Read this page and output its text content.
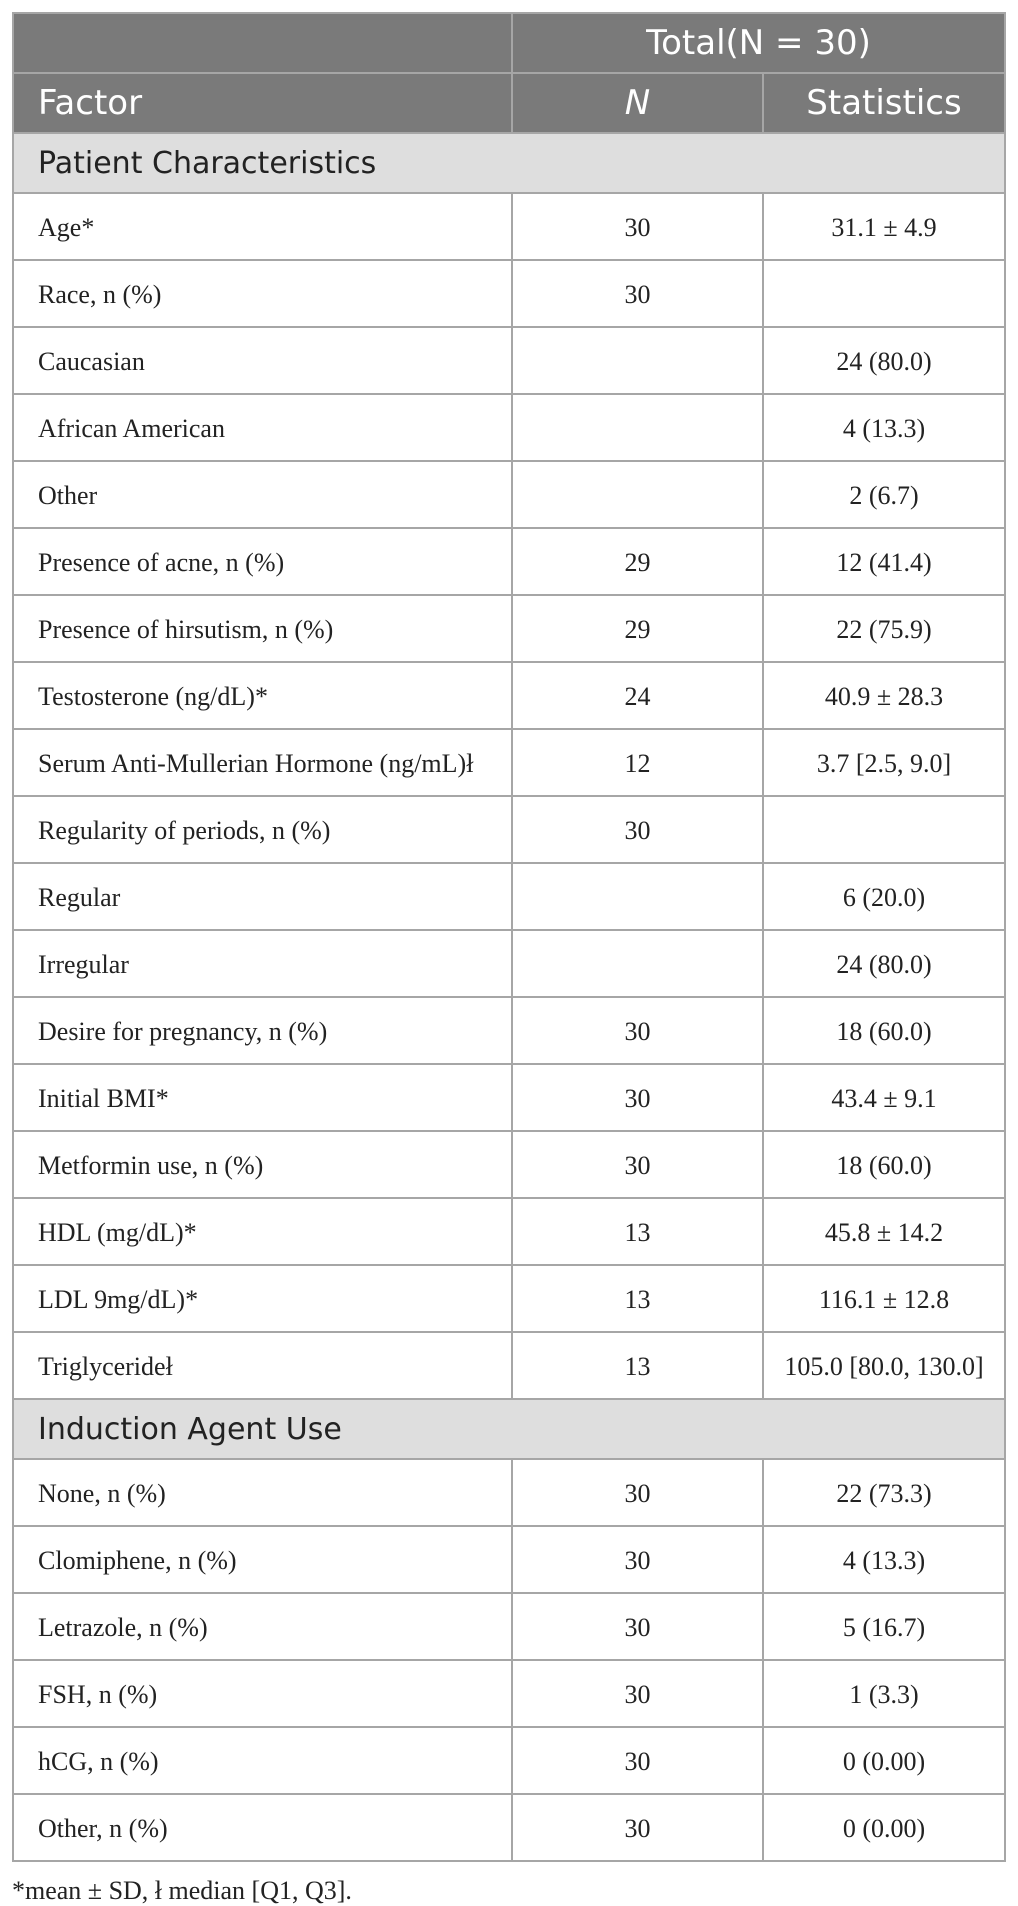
	Total(N = 30)	
Factor	N	Statistics
Patient Characteristics		
Age*	30	31.1 ± 4.9
Race, n (%)	30	
Caucasian		24 (80.0)
African American		4 (13.3)
Other		2 (6.7)
Presence of acne, n (%)	29	12 (41.4)
Presence of hirsutism, n (%)	29	22 (75.9)
Testosterone (ng/dL)*	24	40.9 ± 28.3
Serum Anti-Mullerian Hormone (ng/mL)ł	12	3.7 [2.5, 9.0]
Regularity of periods, n (%)	30	
Regular		6 (20.0)
Irregular		24 (80.0)
Desire for pregnancy, n (%)	30	18 (60.0)
Initial BMI*	30	43.4 ± 9.1
Metformin use, n (%)	30	18 (60.0)
HDL (mg/dL)*	13	45.8 ± 14.2
LDL 9mg/dL)*	13	116.1 ± 12.8
Triglycerideł	13	105.0 [80.0, 130.0]
Induction Agent Use		
None, n (%)	30	22 (73.3)
Clomiphene, n (%)	30	4 (13.3)
Letrazole, n (%)	30	5 (16.7)
FSH, n (%)	30	1 (3.3)
hCG, n (%)	30	0 (0.00)
Other, n (%)	30	0 (0.00)
*mean ± SD, ł median [Q1, Q3].
